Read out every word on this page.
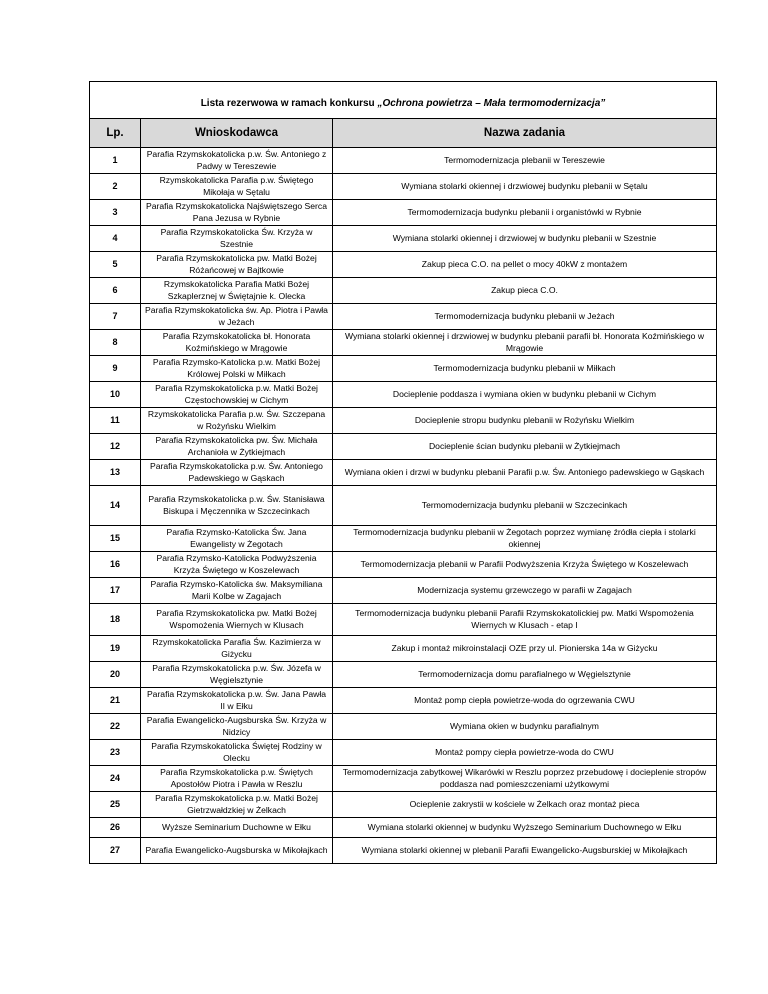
Lista rezerwowa w ramach konkursu „Ochrona powietrza – Mała termomodernizacja”		
Lp.	Wnioskodawca	Nazwa zadania
1	Parafia Rzymskokatolicka p.w. Św. Antoniego z Padwy w Tereszewie	Termomodernizacja plebanii w Tereszewie
2	Rzymskokatolicka Parafia p.w. Świętego Mikołaja w Sętalu	Wymiana stolarki okiennej i drzwiowej budynku plebanii w Sętalu
3	Parafia Rzymskokatolicka Najświętszego Serca Pana Jezusa w Rybnie	Termomodernizacja budynku plebanii i organistówki w Rybnie
4	Parafia Rzymskokatolicka Św. Krzyża w Szestnie	Wymiana stolarki okiennej i drzwiowej w budynku plebanii w Szestnie
5	Parafia Rzymskokatolicka pw. Matki Bożej Różańcowej w Bajtkowie	Zakup pieca C.O. na pellet o mocy 40kW z montażem
6	Rzymskokatolicka Parafia Matki Bożej Szkaplerznej w Świętajnie k. Olecka	Zakup pieca C.O.
7	Parafia Rzymskokatolicka św. Ap. Piotra i Pawła w Jeżach	Termomodernizacja budynku plebanii w Jeżach
8	Parafia Rzymskokatolicka bł. Honorata Koźmińskiego w Mrągowie	Wymiana stolarki okiennej i drzwiowej w budynku plebanii parafii bł. Honorata Koźmińskiego w Mrągowie
9	Parafia Rzymsko-Katolicka p.w. Matki Bożej Królowej Polski w Miłkach	Termomodernizacja budynku plebanii w Miłkach
10	Parafia Rzymskokatolicka p.w. Matki Bożej Częstochowskiej w Cichym	Docieplenie poddasza i wymiana okien w budynku plebanii w Cichym
11	Rzymskokatolicka Parafia p.w. Św. Szczepana w Rożyńsku Wielkim	Docieplenie stropu budynku plebanii w Rożyńsku Wielkim
12	Parafia Rzymskokatolicka pw. Św. Michała Archanioła w Żytkiejmach	Docieplenie ścian budynku plebanii w Żytkiejmach
13	Parafia Rzymskokatolicka p.w. Św. Antoniego Padewskiego w Gąskach	Wymiana okien i drzwi w budynku plebanii Parafii p.w. Św. Antoniego padewskiego w Gąskach
14	Parafia Rzymskokatolicka p.w. Św. Stanisława Biskupa i Męczennika w Szczecinkach	Termomodernizacja budynku plebanii w Szczecinkach
15	Parafia Rzymsko-Katolicka Św. Jana Ewangelisty w Żegotach	Termomodernizacja budynku plebanii w Żegotach poprzez wymianę źródła ciepła i stolarki okiennej
16	Parafia Rzymsko-Katolicka Podwyższenia Krzyża Świętego w Koszelewach	Termomodernizacja plebanii w Parafii Podwyższenia Krzyża Świętego w Koszelewach
17	Parafia Rzymsko-Katolicka św. Maksymiliana Marii Kolbe w Zagajach	Modernizacja systemu grzewczego w parafii w Zagajach
18	Parafia Rzymskokatolicka pw. Matki Bożej Wspomożenia Wiernych w Klusach	Termomodernizacja budynku plebanii Parafii Rzymskokatolickiej pw. Matki Wspomożenia Wiernych w Klusach - etap I
19	Rzymskokatolicka Parafia Św. Kazimierza w Giżycku	Zakup i montaż mikroinstalacji OZE przy ul. Pionierska 14a w Giżycku
20	Parafia Rzymskokatolicka p.w. Św. Józefa w Węgielsztynie	Termomodernizacja domu parafialnego w Węgielsztynie
21	Parafia Rzymskokatolicka p.w. Św. Jana Pawła II w Ełku	Montaż pomp ciepła powietrze-woda do ogrzewania CWU
22	Parafia Ewangelicko-Augsburska Św. Krzyża w Nidzicy	Wymiana okien w budynku parafialnym
23	Parafia Rzymskokatolicka Świętej Rodziny w Olecku	Montaż pompy ciepła powietrze-woda do CWU
24	Parafia Rzymskokatolicka p.w. Świętych Apostołów Piotra i Pawła w Reszlu	Termomodernizacja zabytkowej Wikarówki w Reszlu poprzez przebudowę i docieplenie stropów poddasza nad pomieszczeniami użytkowymi
25	Parafia Rzymskokatolicka p.w. Matki Bożej Gietrzwałdzkiej w Żelkach	Ocieplenie zakrystii w kościele w Żelkach oraz montaż pieca
26	Wyższe Seminarium Duchowne w Ełku	Wymiana stolarki okiennej w budynku Wyższego Seminarium Duchownego w Ełku
27	Parafia Ewangelicko-Augsburska w Mikołajkach	Wymiana stolarki okiennej w plebanii Parafii Ewangelicko-Augsburskiej w Mikołajkach
